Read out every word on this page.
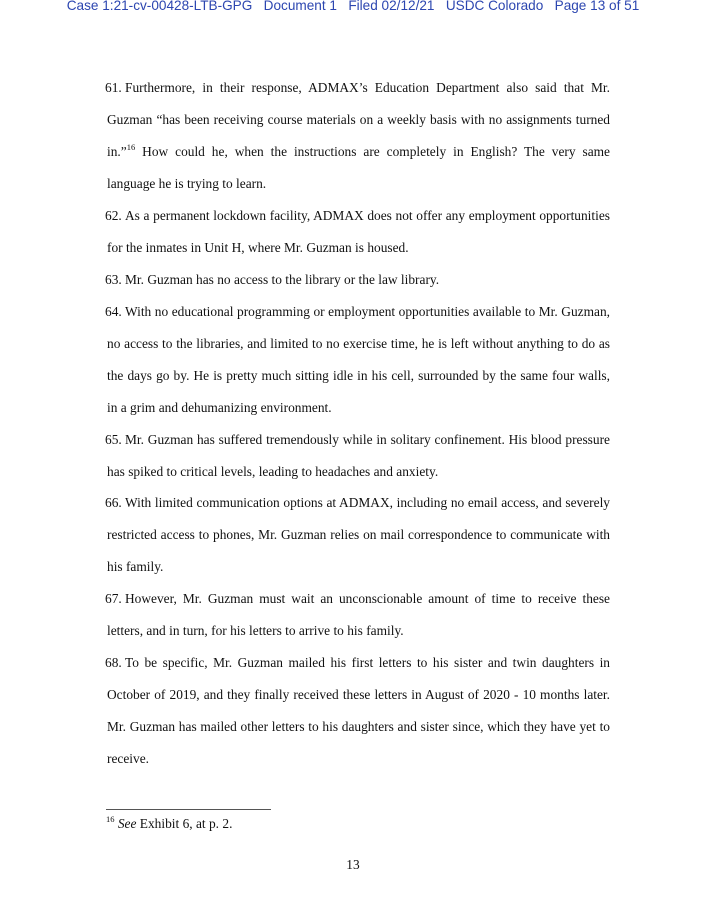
Case 1:21-cv-00428-LTB-GPG Document 1 Filed 02/12/21 USDC Colorado Page 13 of 51
61. Furthermore, in their response, ADMAX’s Education Department also said that Mr. Guzman “has been receiving course materials on a weekly basis with no assignments turned in.”$^{16}$ How could he, when the instructions are completely in English? The very same language he is trying to learn.
62. As a permanent lockdown facility, ADMAX does not offer any employment opportunities for the inmates in Unit H, where Mr. Guzman is housed.
63. Mr. Guzman has no access to the library or the law library.
64. With no educational programming or employment opportunities available to Mr. Guzman, no access to the libraries, and limited to no exercise time, he is left without anything to do as the days go by. He is pretty much sitting idle in his cell, surrounded by the same four walls, in a grim and dehumanizing environment.
65. Mr. Guzman has suffered tremendously while in solitary confinement. His blood pressure has spiked to critical levels, leading to headaches and anxiety.
66. With limited communication options at ADMAX, including no email access, and severely restricted access to phones, Mr. Guzman relies on mail correspondence to communicate with his family.
67. However, Mr. Guzman must wait an unconscionable amount of time to receive these letters, and in turn, for his letters to arrive to his family.
68. To be specific, Mr. Guzman mailed his first letters to his sister and twin daughters in October of 2019, and they finally received these letters in August of 2020 - 10 months later. Mr. Guzman has mailed other letters to his daughters and sister since, which they have yet to receive.
$^{16}$ See Exhibit 6, at p. 2.
13
